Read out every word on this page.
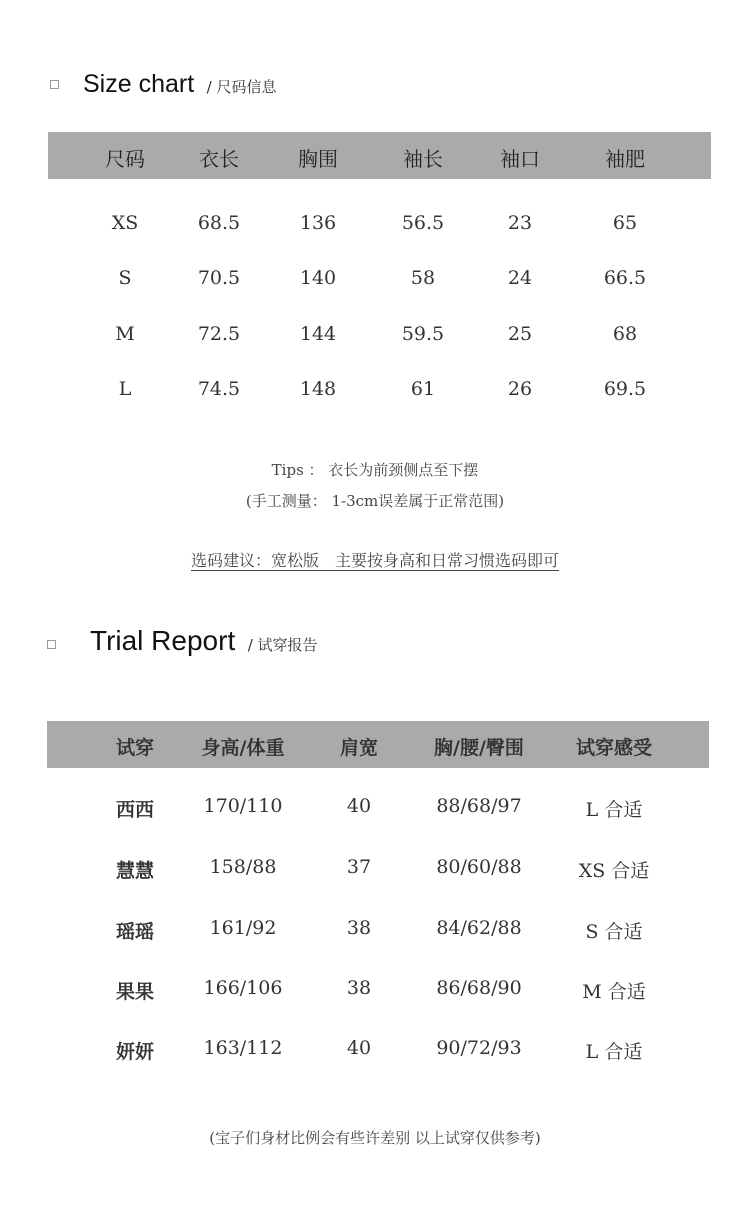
Size chart / 尺码信息
尺码	衣长	胸围	袖长	袖口	袖肥
XS	68.5	136	56.5	23	65
S	70.5	140	58	24	66.5
M	72.5	144	59.5	25	68
L	74.5	148	61	26	69.5
Tips ： 衣长为前颈侧点至下摆
(手工测量： 1-3cm误差属于正常范围)
选码建议：宽松版　主要按身高和日常习惯选码即可
Trial Report / 试穿报告
试穿	身高/体重	肩宽	胸/腰/臀围	试穿感受
西西	170/110	40	88/68/97	L 合适
慧慧	158/88	37	80/60/88	XS 合适
瑶瑶	161/92	38	84/62/88	S 合适
果果	166/106	38	86/68/90	M 合适
妍妍	163/112	40	90/72/93	L 合适
(宝子们身材比例会有些许差别 以上试穿仅供参考)
